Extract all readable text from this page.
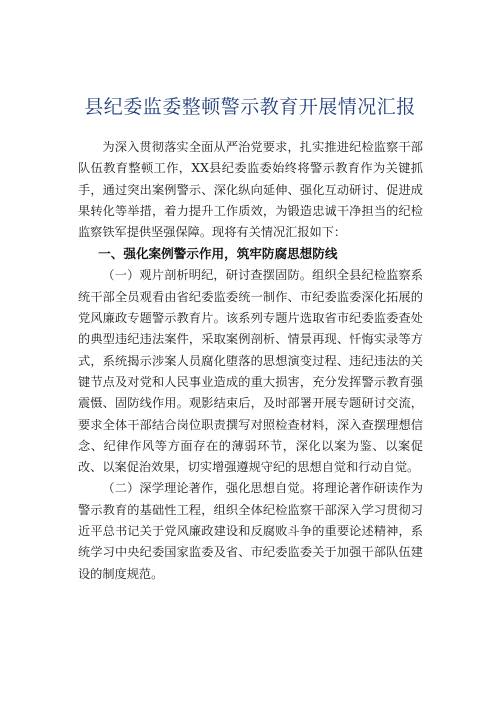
县纪委监委整顿警示教育开展情况汇报

为深入贯彻落实全面从严治党要求，扎实推进纪检监察干部队伍教育整顿工作，XX县纪委监委始终将警示教育作为关键抓手，通过突出案例警示、深化纵向延伸、强化互动研讨、促进成果转化等举措，着力提升工作质效，为锻造忠诚干净担当的纪检监察铁军提供坚强保障。现将有关情况汇报如下：

一、强化案例警示作用，筑牢防腐思想防线

（一）观片剖析明纪，研讨查摆固防。组织全县纪检监察系统干部全员观看由省纪委监委统一制作、市纪委监委深化拓展的党风廉政专题警示教育片。该系列专题片选取省市纪委监委查处的典型违纪违法案件，采取案例剖析、情景再现、忏悔实录等方式，系统揭示涉案人员腐化堕落的思想演变过程、违纪违法的关键节点及对党和人民事业造成的重大损害，充分发挥警示教育强震慑、固防线作用。观影结束后，及时部署开展专题研讨交流，要求全体干部结合岗位职责撰写对照检查材料，深入查摆理想信念、纪律作风等方面存在的薄弱环节，深化以案为鉴、以案促改、以案促治效果，切实增强遵规守纪的思想自觉和行动自觉。

（二）深学理论著作，强化思想自觉。将理论著作研读作为警示教育的基础性工程，组织全体纪检监察干部深入学习贯彻习近平总书记关于党风廉政建设和反腐败斗争的重要论述精神，系统学习中央纪委国家监委及省、市纪委监委关于加强干部队伍建设的制度规范。
